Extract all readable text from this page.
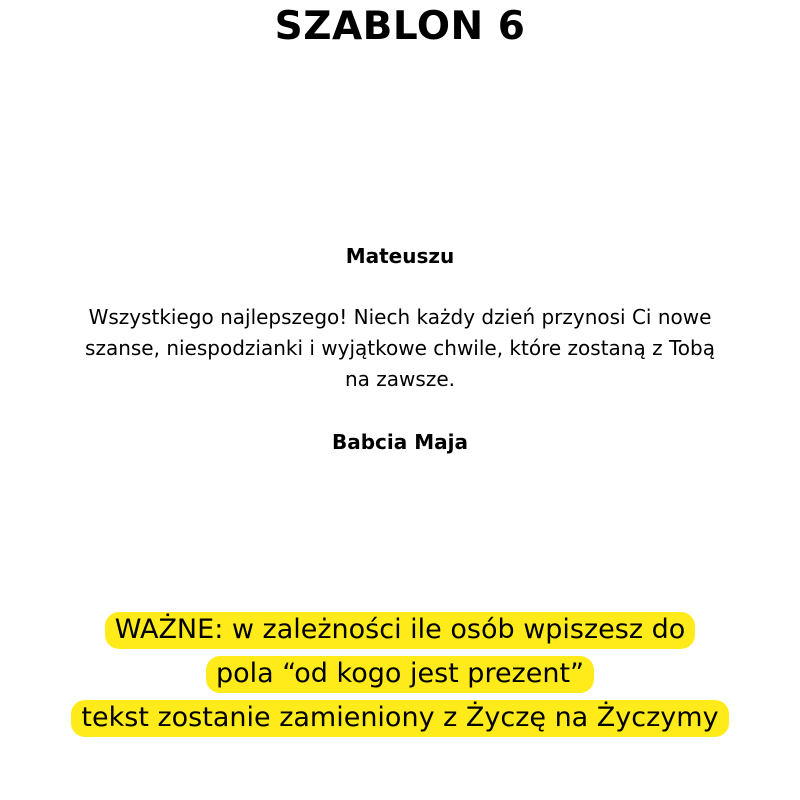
SZABLON 6

Mateuszu

Wszystkiego najlepszego! Niech każdy dzień przynosi Ci nowe szanse, niespodzianki i wyjątkowe chwile, które zostaną z Tobą na zawsze.

Babcia Maja

WAŻNE: w zależności ile osób wpiszesz do
pola “od kogo jest prezent”
tekst zostanie zamieniony z Życzę na Życzymy
